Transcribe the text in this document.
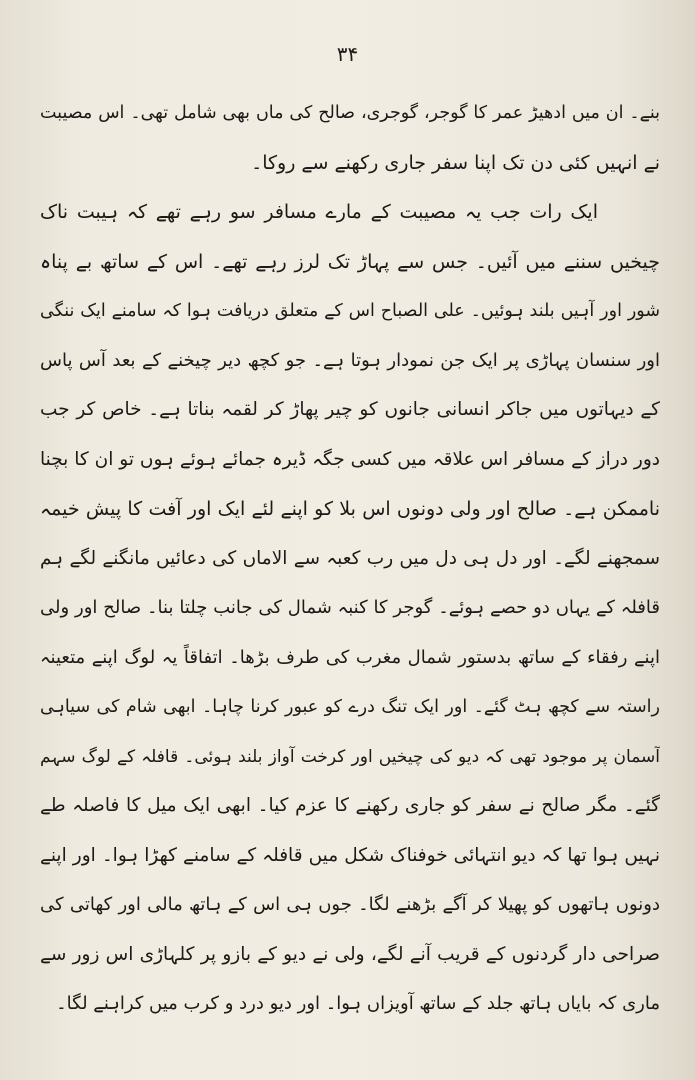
۳۴
بنے۔ ان میں ادھیڑ عمر کا گوجر، گوجری، صالح کی ماں بھی شامل تھی۔ اس مصیبت
نے انہیں کئی دن تک اپنا سفر جاری رکھنے سے روکا۔
ایک رات جب یہ مصیبت کے مارے مسافر سو رہے تھے کہ ہیبت ناک
چیخیں سننے میں آئیں۔ جس سے پہاڑ تک لرز رہے تھے۔ اس کے ساتھ بے پناہ
شور اور آہیں بلند ہوئیں۔ علی الصباح اس کے متعلق دریافت ہوا کہ سامنے ایک ننگی
اور سنسان پہاڑی پر ایک جن نمودار ہوتا ہے۔ جو کچھ دیر چیخنے کے بعد آس پاس
کے دیہاتوں میں جاکر انسانی جانوں کو چیر پھاڑ کر لقمہ بناتا ہے۔ خاص کر جب
دور دراز کے مسافر اس علاقہ میں کسی جگہ ڈیرہ جمائے ہوئے ہوں تو ان کا بچنا
ناممکن ہے۔ صالح اور ولی دونوں اس بلا کو اپنے لئے ایک اور آفت کا پیش خیمہ
سمجھنے لگے۔ اور دل ہی دل میں رب کعبہ سے الاماں کی دعائیں مانگنے لگے ہم
قافلہ کے یہاں دو حصے ہوئے۔ گوجر کا کنبہ شمال کی جانب چلتا بنا۔ صالح اور ولی
اپنے رفقاء کے ساتھ بدستور شمال مغرب کی طرف بڑھا۔ اتفاقاً یہ لوگ اپنے متعینہ
راستہ سے کچھ ہٹ گئے۔ اور ایک تنگ درے کو عبور کرنا چاہا۔ ابھی شام کی سیاہی
آسمان پر موجود تھی کہ دیو کی چیخیں اور کرخت آواز بلند ہوئی۔ قافلہ کے لوگ سہم
گئے۔ مگر صالح نے سفر کو جاری رکھنے کا عزم کیا۔ ابھی ایک میل کا فاصلہ طے
نہیں ہوا تھا کہ دیو انتہائی خوفناک شکل میں قافلہ کے سامنے کھڑا ہوا۔ اور اپنے
دونوں ہاتھوں کو پھیلا کر آگے بڑھنے لگا۔ جوں ہی اس کے ہاتھ مالی اور کھاتی کی
صراحی دار گردنوں کے قریب آنے لگے، ولی نے دیو کے بازو پر کلہاڑی اس زور سے
ماری کہ بایاں ہاتھ جلد کے ساتھ آویزاں ہوا۔ اور دیو درد و کرب میں کراہنے لگا۔
